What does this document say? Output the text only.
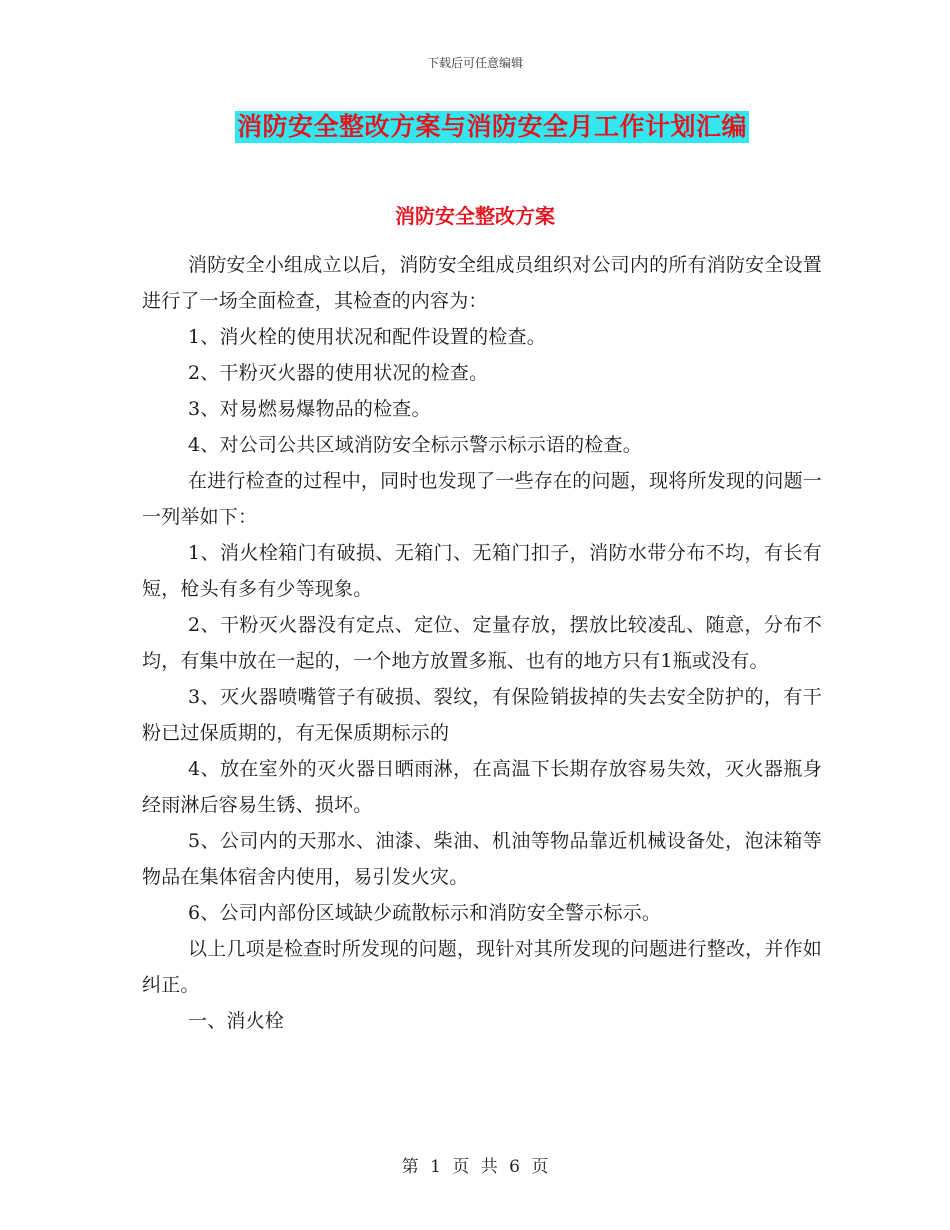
下载后可任意编辑
消防安全整改方案与消防安全月工作计划汇编
消防安全整改方案

消防安全小组成立以后，消防安全组成员组织对公司内的所有消防安全设置进行了一场全面检查，其检查的内容为：

1、消火栓的使用状况和配件设置的检查。

2、干粉灭火器的使用状况的检查。

3、对易燃易爆物品的检查。

4、对公司公共区域消防安全标示警示标示语的检查。

在进行检查的过程中，同时也发现了一些存在的问题，现将所发现的问题一一列举如下：

1、消火栓箱门有破损、无箱门、无箱门扣子，消防水带分布不均，有长有短，枪头有多有少等现象。

2、干粉灭火器没有定点、定位、定量存放，摆放比较凌乱、随意，分布不均，有集中放在一起的，一个地方放置多瓶、也有的地方只有1瓶或没有。

3、灭火器喷嘴管子有破损、裂纹，有保险销拔掉的失去安全防护的，有干粉已过保质期的，有无保质期标示的

4、放在室外的灭火器日晒雨淋，在高温下长期存放容易失效，灭火器瓶身经雨淋后容易生锈、损坏。

5、公司内的天那水、油漆、柴油、机油等物品靠近机械设备处，泡沫箱等物品在集体宿舍内使用，易引发火灾。

6、公司内部份区域缺少疏散标示和消防安全警示标示。

以上几项是检查时所发现的问题，现针对其所发现的问题进行整改，并作如纠正。

一、消火栓

第 1 页 共 6 页
